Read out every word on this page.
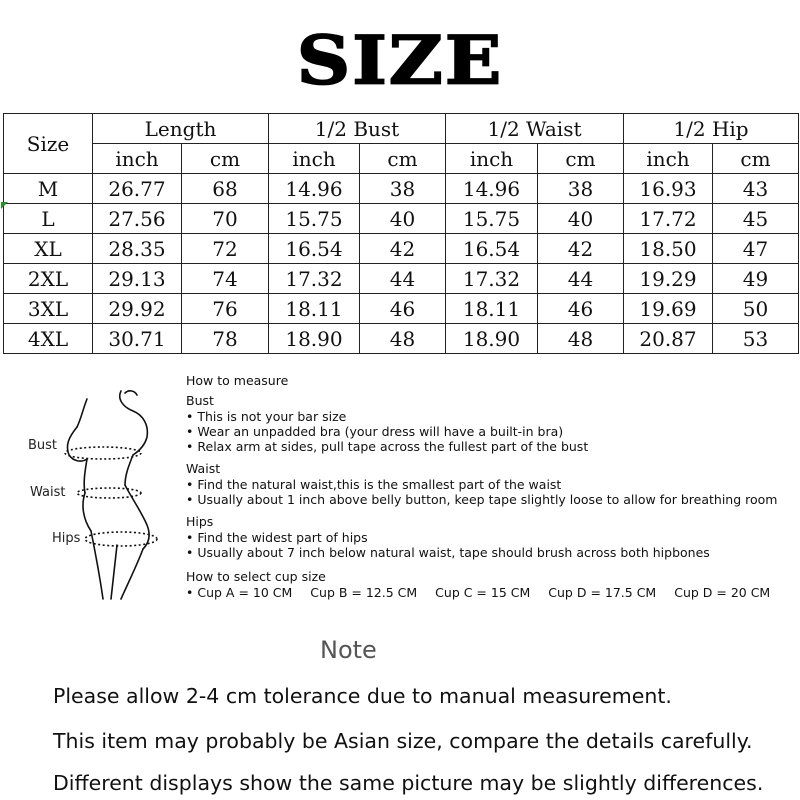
SIZE
Size	Length		1/2 Bust		1/2 Waist		1/2 Hip	
	inch	cm	inch	cm	inch	cm	inch	cm
M	26.77	68	14.96	38	14.96	38	16.93	43

L	27.56	70	15.75	40	15.75	40	17.72	45
XL	28.35	72	16.54	42	16.54	42	18.50	47
2XL	29.13	74	17.32	44	17.32	44	19.29	49
3XL	29.92	76	18.11	46	18.11	46	19.69	50
4XL	30.71	78	18.90	48	18.90	48	20.87	53
Bust
Waist
Hips
How to measure
Bust
• This is not your bar size
• Wear an unpadded bra (your dress will have a built-in bra)
• Relax arm at sides, pull tape across the fullest part of the bust
Waist
• Find the natural waist,this is the smallest part of the waist
• Usually about 1 inch above belly button, keep tape slightly loose to allow for breathing room
Hips
• Find the widest part of hips
• Usually about 7 inch below natural waist, tape should brush across both hipbones
How to select cup size
• Cup A = 10 CM Cup B = 12.5 CM Cup C = 15 CM Cup D = 17.5 CM Cup D = 20 CM
Note
Please allow 2-4 cm tolerance due to manual measurement.
This item may probably be Asian size, compare the details carefully.
Different displays show the same picture may be slightly differences.
